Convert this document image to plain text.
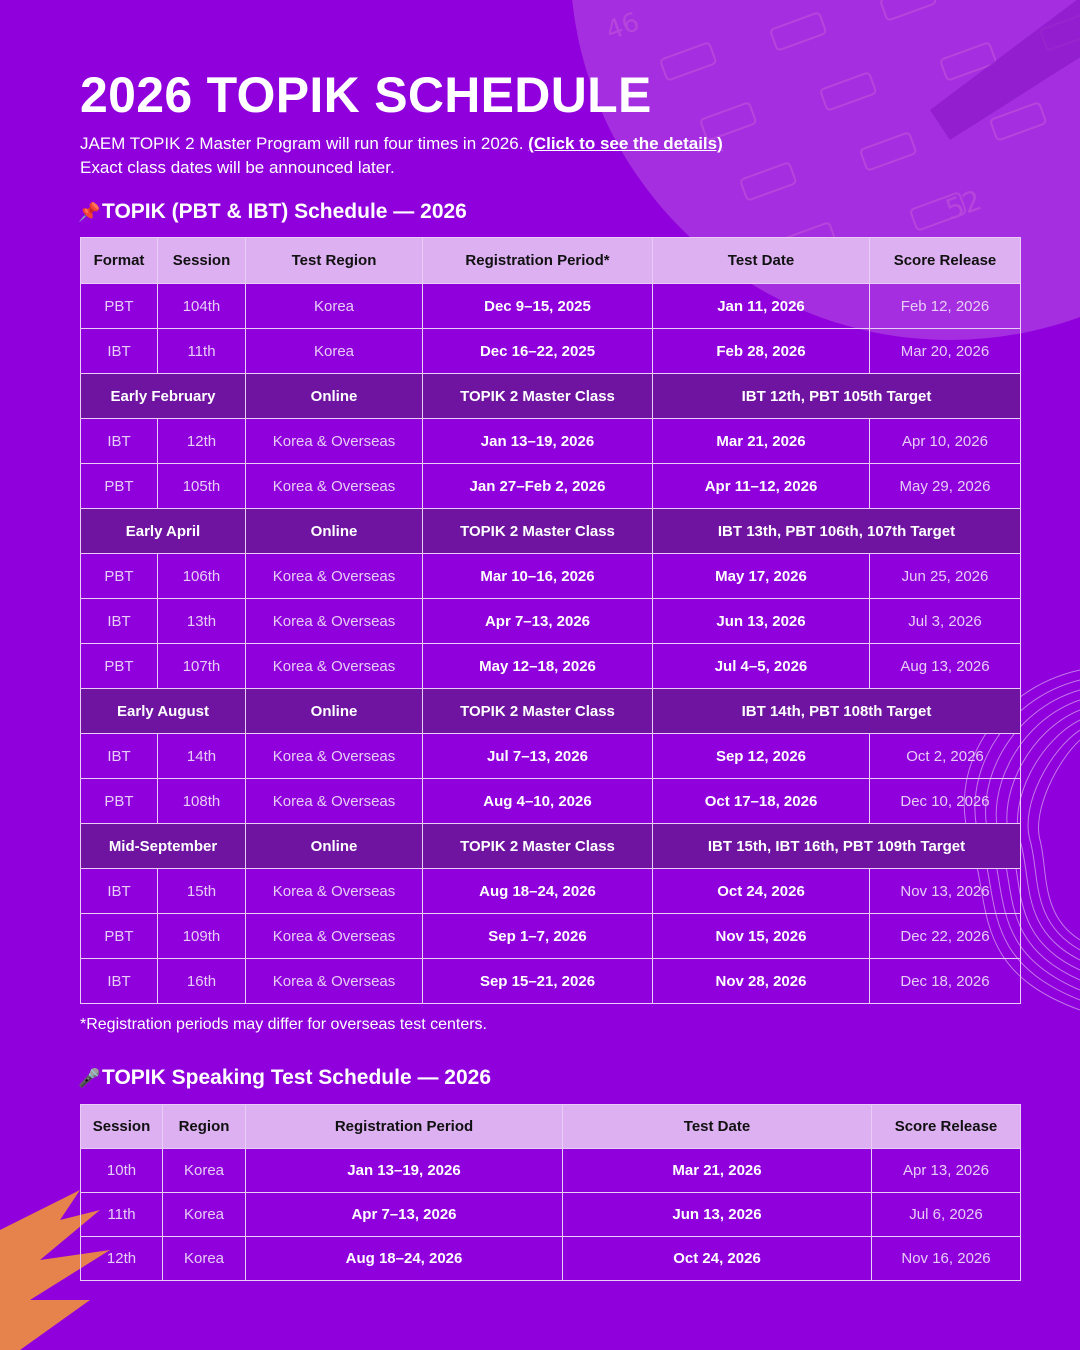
46
52
2026 TOPIK SCHEDULE
JAEM TOPIK 2 Master Program will run four times in 2026. (Click to see the details)
Exact class dates will be announced later.
📌 TOPIK (PBT & IBT) Schedule — 2026
Format	Session	Test Region	Registration Period*	Test Date	Score Release
PBT	104th	Korea	Dec 9–15, 2025	Jan 11, 2026	Feb 12, 2026
IBT	11th	Korea	Dec 16–22, 2025	Feb 28, 2026	Mar 20, 2026
Early February		Online	TOPIK 2 Master Class	IBT 12th, PBT 105th Target	
IBT	12th	Korea & Overseas	Jan 13–19, 2026	Mar 21, 2026	Apr 10, 2026
PBT	105th	Korea & Overseas	Jan 27–Feb 2, 2026	Apr 11–12, 2026	May 29, 2026
Early April		Online	TOPIK 2 Master Class	IBT 13th, PBT 106th, 107th Target	
PBT	106th	Korea & Overseas	Mar 10–16, 2026	May 17, 2026	Jun 25, 2026
IBT	13th	Korea & Overseas	Apr 7–13, 2026	Jun 13, 2026	Jul 3, 2026
PBT	107th	Korea & Overseas	May 12–18, 2026	Jul 4–5, 2026	Aug 13, 2026
Early August		Online	TOPIK 2 Master Class	IBT 14th, PBT 108th Target	
IBT	14th	Korea & Overseas	Jul 7–13, 2026	Sep 12, 2026	Oct 2, 2026
PBT	108th	Korea & Overseas	Aug 4–10, 2026	Oct 17–18, 2026	Dec 10, 2026
Mid-September		Online	TOPIK 2 Master Class	IBT 15th, IBT 16th, PBT 109th Target	
IBT	15th	Korea & Overseas	Aug 18–24, 2026	Oct 24, 2026	Nov 13, 2026
PBT	109th	Korea & Overseas	Sep 1–7, 2026	Nov 15, 2026	Dec 22, 2026
IBT	16th	Korea & Overseas	Sep 15–21, 2026	Nov 28, 2026	Dec 18, 2026
*Registration periods may differ for overseas test centers.
🎤 TOPIK Speaking Test Schedule — 2026
Session	Region	Registration Period	Test Date	Score Release
10th	Korea	Jan 13–19, 2026	Mar 21, 2026	Apr 13, 2026
11th	Korea	Apr 7–13, 2026	Jun 13, 2026	Jul 6, 2026
12th	Korea	Aug 18–24, 2026	Oct 24, 2026	Nov 16, 2026
